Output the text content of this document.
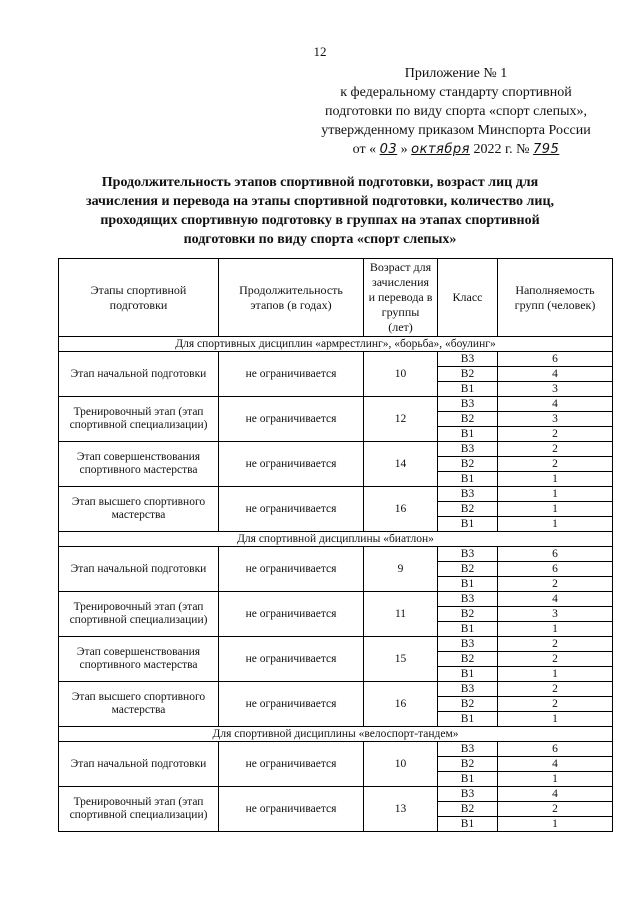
12
Приложение № 1
к федеральному стандарту спортивной
подготовки по виду спорта «спорт слепых»,
утвержденному приказом Минспорта России
от « 03 » октября 2022 г. № 795
Продолжительность этапов спортивной подготовки, возраст лиц для
зачисления и перевода на этапы спортивной подготовки, количество лиц,
проходящих спортивную подготовку в группах на этапах спортивной
подготовки по виду спорта «спорт слепых»
Этапы спортивной подготовки	Продолжительность этапов (в годах)	Возраст для зачисления и перевода в группы (лет)	Класс	Наполняемость групп (человек)
Для спортивных дисциплин «армрестлинг», «борьба», «боулинг»				
Этап начальной подготовки	не ограничивается	10	В3	6
			В2	4
			В1	3
Тренировочный этап (этап спортивной специализации)	не ограничивается	12	В3	4
			В2	3
			В1	2
Этап совершенствования спортивного мастерства	не ограничивается	14	В3	2
			В2	2
			В1	1
Этап высшего спортивного мастерства	не ограничивается	16	В3	1
			В2	1
			В1	1
Для спортивной дисциплины «биатлон»				
Этап начальной подготовки	не ограничивается	9	В3	6
			В2	6
			В1	2
Тренировочный этап (этап спортивной специализации)	не ограничивается	11	В3	4
			В2	3
			В1	1
Этап совершенствования спортивного мастерства	не ограничивается	15	В3	2
			В2	2
			В1	1
Этап высшего спортивного мастерства	не ограничивается	16	В3	2
			В2	2
			В1	1
Для спортивной дисциплины «велоспорт-тандем»				
Этап начальной подготовки	не ограничивается	10	В3	6
			В2	4
			В1	1
Тренировочный этап (этап спортивной специализации)	не ограничивается	13	В3	4
			В2	2
			В1	1
